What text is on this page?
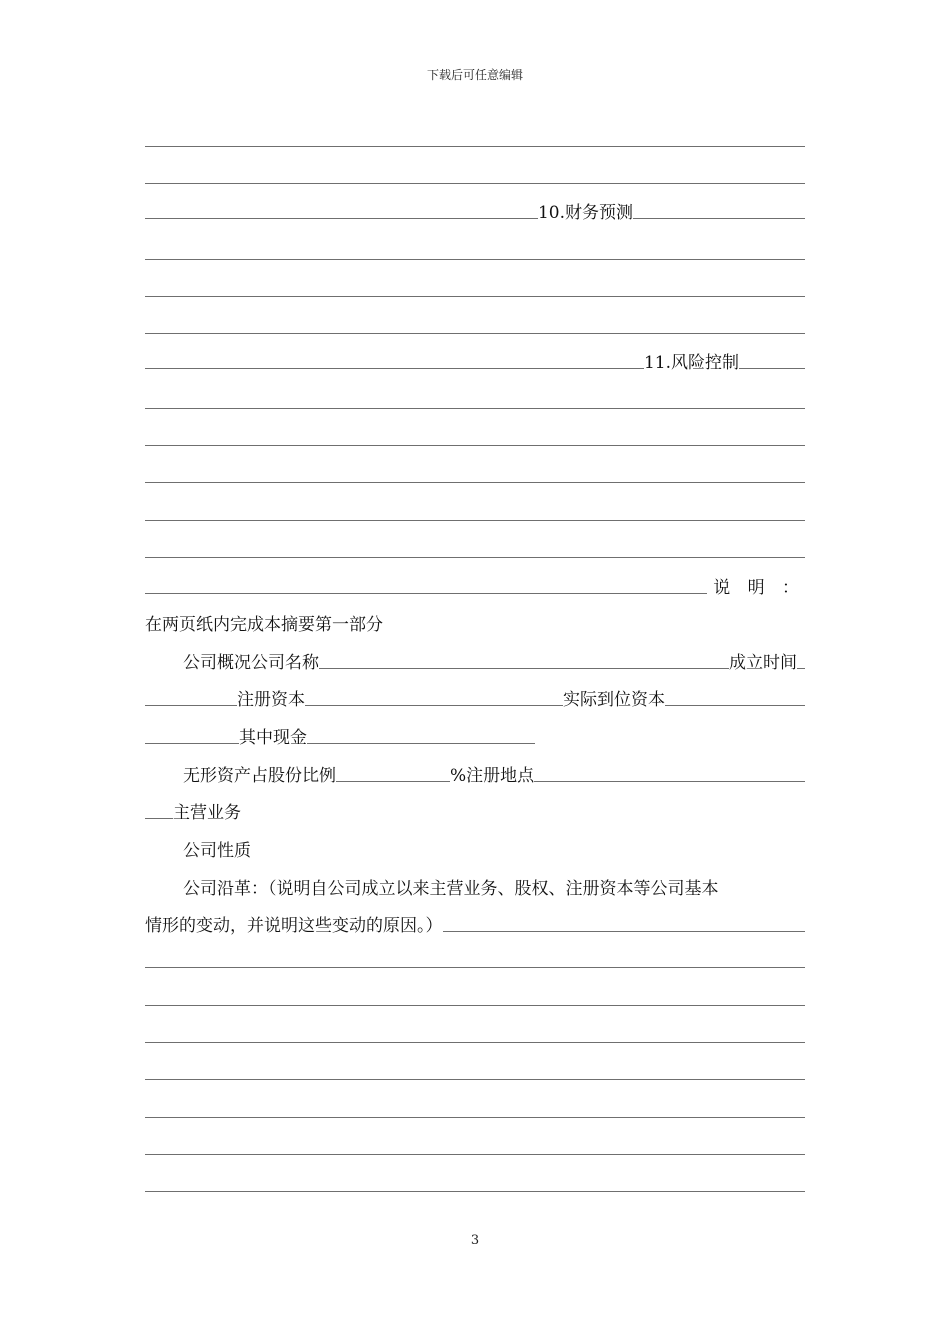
下载后可任意编辑
10.财务预测
11.风险控制
说 明 ：
在两页纸内完成本摘要第一部分
公司概况公司名称	成立时间
注册资本	实际到位资本
其中现金
无形资产占股份比例	%注册地点
主营业务
公司性质
公司沿革：（说明自公司成立以来主营业务、股权、注册资本等公司基本
情形的变动，并说明这些变动的原因。）
3
